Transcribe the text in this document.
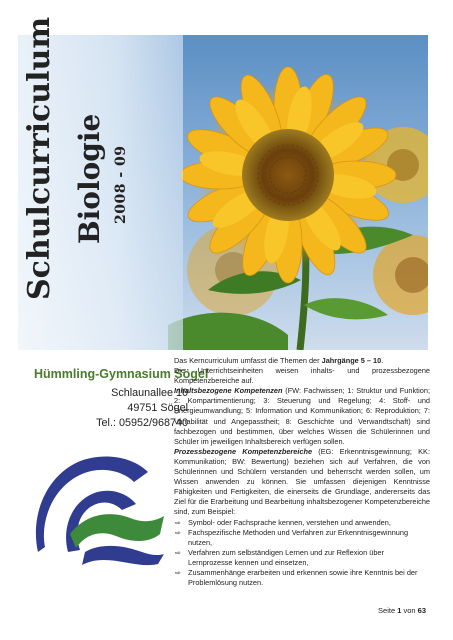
Schulcurriculum Biologie 2008 - 09
Hümmling-Gymnasium Sögel
Schlaunallee 10
49751 Sögel
Tel.: 05952/968740

Das Kerncurriculum umfasst die Themen der Jahrgänge 5 – 10.

Die Unterrichtseinheiten weisen inhalts- und prozessbezogene Kompetenzbereiche auf.

Inhaltsbezogene Kompetenzen (FW: Fachwissen; 1: Struktur und Funktion; 2: Kompartimentierung; 3: Steuerung und Regelung; 4: Stoff- und Energieumwandlung; 5: Information und Kommunikation; 6: Reproduktion; 7: Variabilität und Angepasstheit; 8: Geschichte und Verwandtschaft) sind fachbezogen und bestimmen, über welches Wissen die Schülerinnen und Schüler im jeweiligen Inhaltsbereich verfügen sollen.

Prozessbezogene Kompetenzbereiche (EG: Erkenntnisgewinnung; KK: Kommunikation; BW: Bewertung) beziehen sich auf Verfahren, die von Schülerinnen und Schülern verstanden und beherrscht werden sollen, um Wissen anwenden zu können. Sie umfassen diejenigen Kenntnisse Fähigkeiten und Fertigkeiten, die einerseits die Grundlage, andererseits das Ziel für die Erarbeitung und Bearbeitung inhaltsbezogener Kompetenzbereiche sind, zum Beispiel:

⇨ Symbol- oder Fachsprache kennen, verstehen und anwenden,
⇨ Fachspezifische Methoden und Verfahren zur Erkenntnisgewinnung nutzen,
⇨ Verfahren zum selbständigen Lernen und zur Reflexion über Lernprozesse kennen und einsetzen,
⇨ Zusammenhänge erarbeiten und erkennen sowie ihre Kenntnis bei der Problemlösung nutzen.
Seite 1 von 63
